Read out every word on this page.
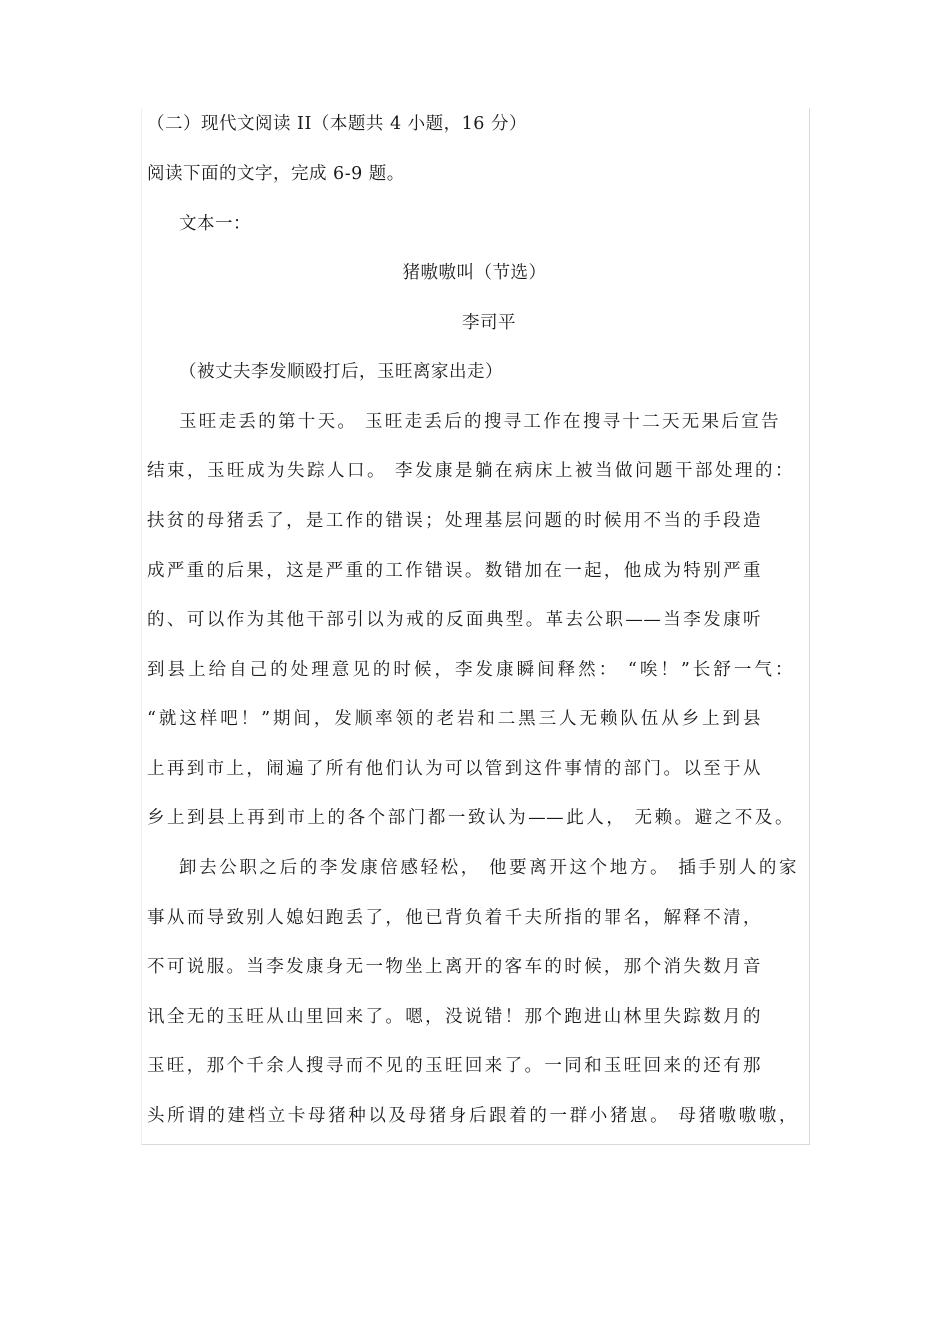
（二）现代文阅读 II（本题共 4 小题，16 分）
阅读下面的文字，完成 6-9 题。
文本一：
猪嗷嗷叫（节选）
李司平
（被丈夫李发顺殴打后，玉旺离家出走）
玉旺走丢的第十天。 玉旺走丢后的搜寻工作在搜寻十二天无果后宣告
结束，玉旺成为失踪人口。 李发康是躺在病床上被当做问题干部处理的：
扶贫的母猪丢了，是工作的错误；处理基层问题的时候用不当的手段造
成严重的后果，这是严重的工作错误。数错加在一起，他成为特别严重
的、可以作为其他干部引以为戒的反面典型。革去公职——当李发康听
到县上给自己的处理意见的时候，李发康瞬间释然： “唉！”长舒一气：
“就这样吧！”期间，发顺率领的老岩和二黑三人无赖队伍从乡上到县
上再到市上，闹遍了所有他们认为可以管到这件事情的部门。以至于从
乡上到县上再到市上的各个部门都一致认为——此人， 无赖。避之不及。
卸去公职之后的李发康倍感轻松， 他要离开这个地方。 插手别人的家
事从而导致别人媳妇跑丢了，他已背负着千夫所指的罪名，解释不清，
不可说服。当李发康身无一物坐上离开的客车的时候，那个消失数月音
讯全无的玉旺从山里回来了。嗯，没说错！那个跑进山林里失踪数月的
玉旺，那个千余人搜寻而不见的玉旺回来了。一同和玉旺回来的还有那
头所谓的建档立卡母猪种以及母猪身后跟着的一群小猪崽。 母猪嗷嗷嗷，
